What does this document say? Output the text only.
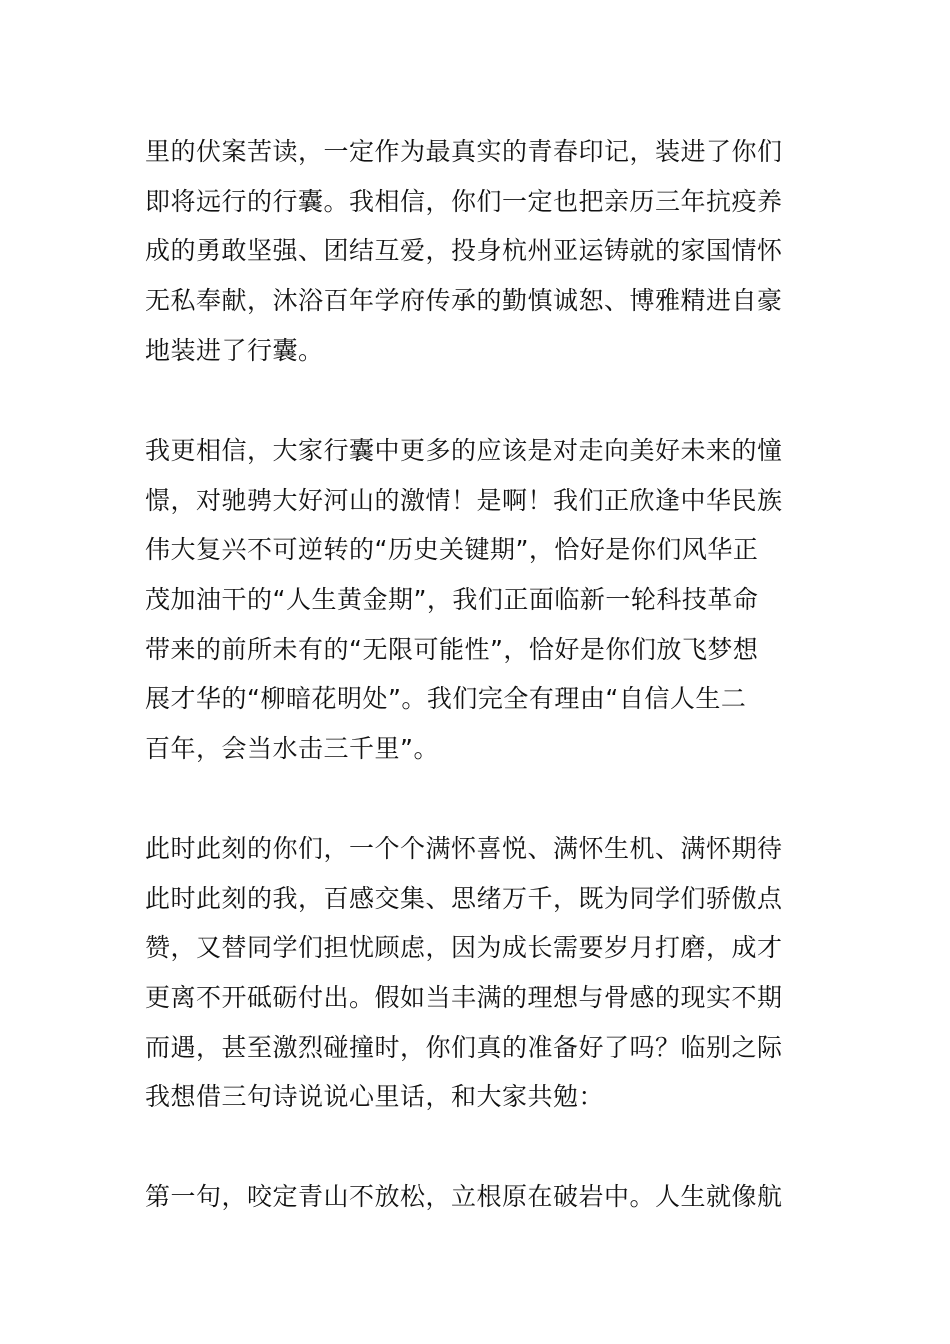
里的伏案苦读，一定作为最真实的青春印记，装进了你们
即将远行的行囊。我相信，你们一定也把亲历三年抗疫养
成的勇敢坚强、团结互爱，投身杭州亚运铸就的家国情怀
无私奉献，沐浴百年学府传承的勤慎诚恕、博雅精进自豪
地装进了行囊。
我更相信，大家行囊中更多的应该是对走向美好未来的憧
憬，对驰骋大好河山的激情！是啊！我们正欣逢中华民族
伟大复兴不可逆转的“历史关键期”，恰好是你们风华正
茂加油干的“人生黄金期”，我们正面临新一轮科技革命
带来的前所未有的“无限可能性”，恰好是你们放飞梦想
展才华的“柳暗花明处”。我们完全有理由“自信人生二
百年，会当水击三千里”。
此时此刻的你们，一个个满怀喜悦、满怀生机、满怀期待
此时此刻的我，百感交集、思绪万千，既为同学们骄傲点
赞，又替同学们担忧顾虑，因为成长需要岁月打磨，成才
更离不开砥砺付出。假如当丰满的理想与骨感的现实不期
而遇，甚至激烈碰撞时，你们真的准备好了吗？临别之际
我想借三句诗说说心里话，和大家共勉：
第一句，咬定青山不放松，立根原在破岩中。人生就像航
